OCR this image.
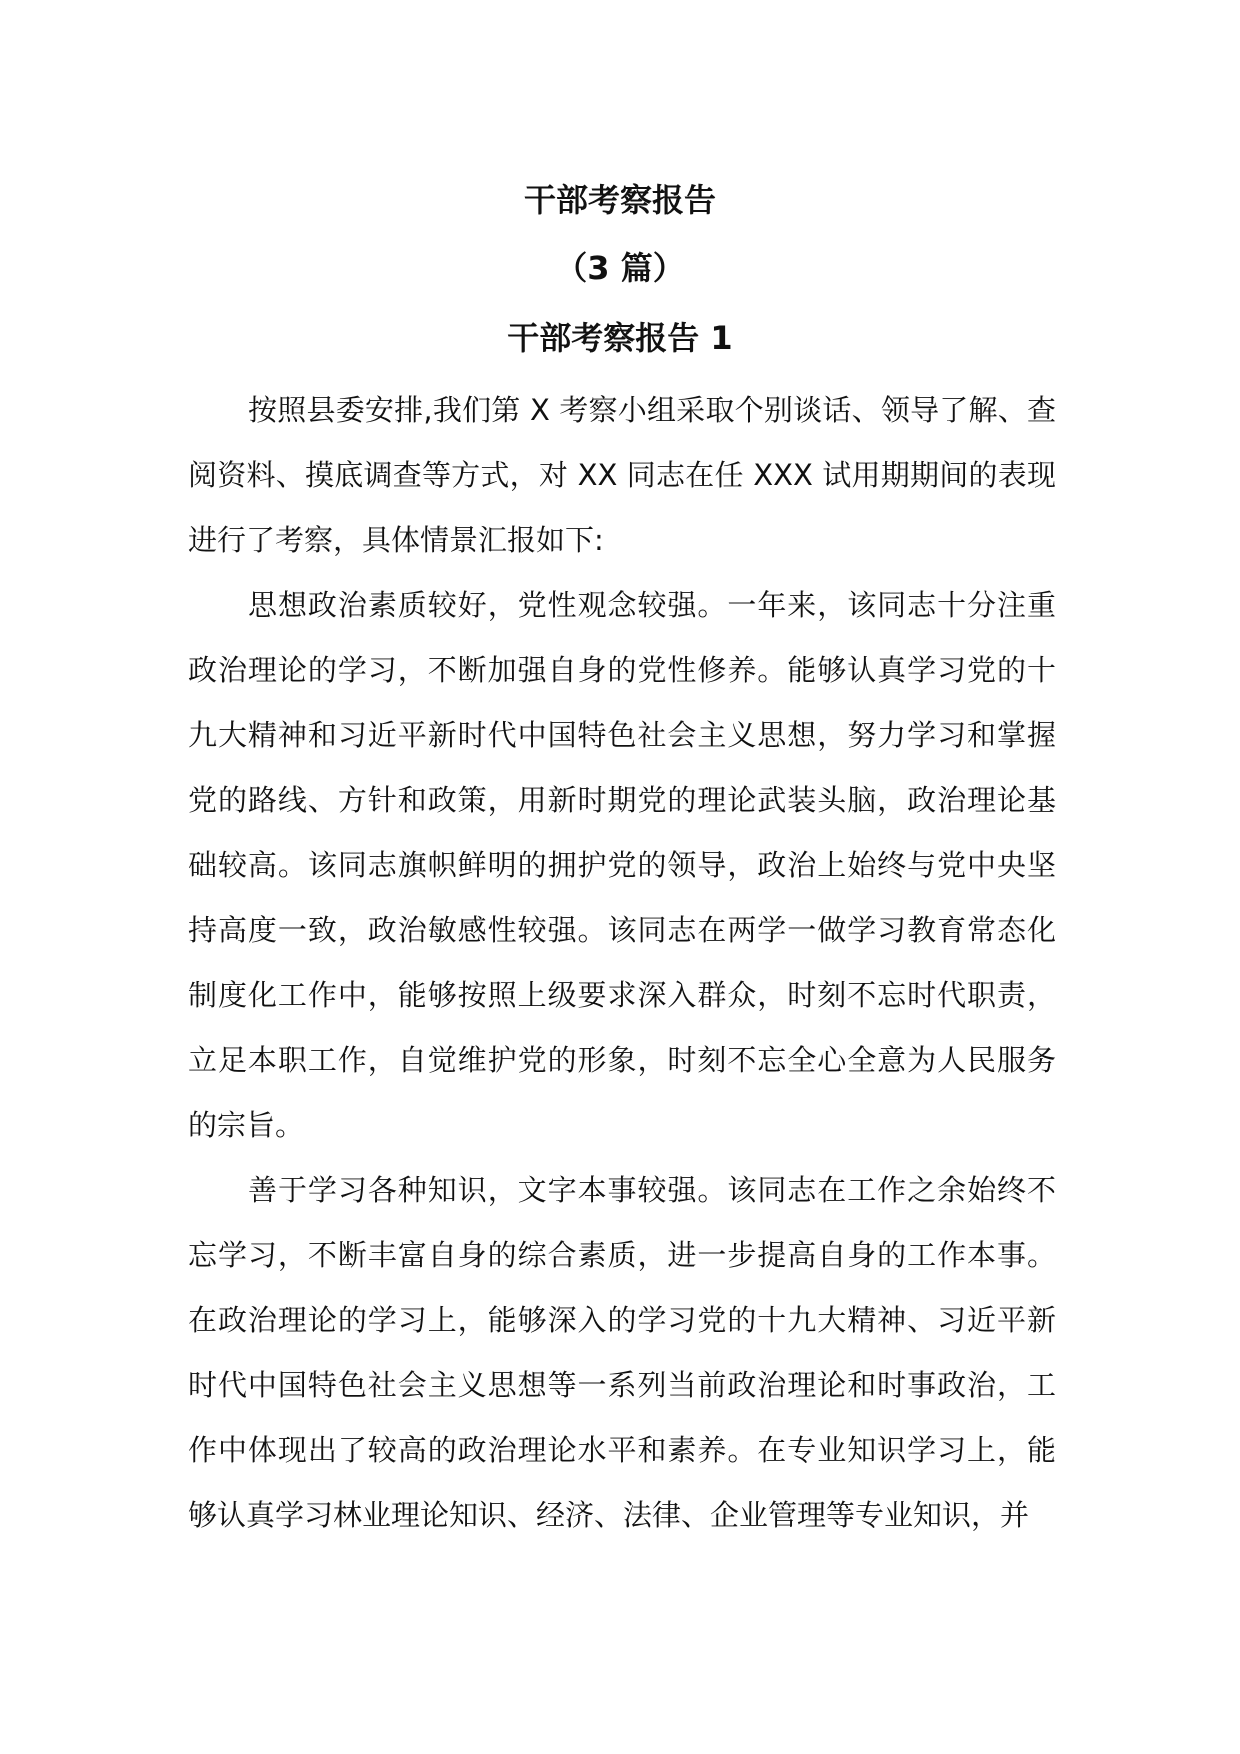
干部考察报告
（3 篇）
干部考察报告 1

按照县委安排,我们第 X 考察小组采取个别谈话、领导了解、查阅资料、摸底调查等方式，对 XX 同志在任 XXX 试用期期间的表现进行了考察，具体情景汇报如下:

思想政治素质较好，党性观念较强。一年来，该同志十分注重政治理论的学习，不断加强自身的党性修养。能够认真学习党的十九大精神和习近平新时代中国特色社会主义思想，努力学习和掌握党的路线、方针和政策，用新时期党的理论武装头脑，政治理论基础较高。该同志旗帜鲜明的拥护党的领导，政治上始终与党中央坚持高度一致，政治敏感性较强。该同志在两学一做学习教育常态化制度化工作中，能够按照上级要求深入群众，时刻不忘时代职责，立足本职工作，自觉维护党的形象，时刻不忘全心全意为人民服务的宗旨。

善于学习各种知识，文字本事较强。该同志在工作之余始终不忘学习，不断丰富自身的综合素质，进一步提高自身的工作本事。在政治理论的学习上，能够深入的学习党的十九大精神、习近平新时代中国特色社会主义思想等一系列当前政治理论和时事政治，工作中体现出了较高的政治理论水平和素养。在专业知识学习上，能够认真学习林业理论知识、经济、法律、企业管理等专业知识，并
